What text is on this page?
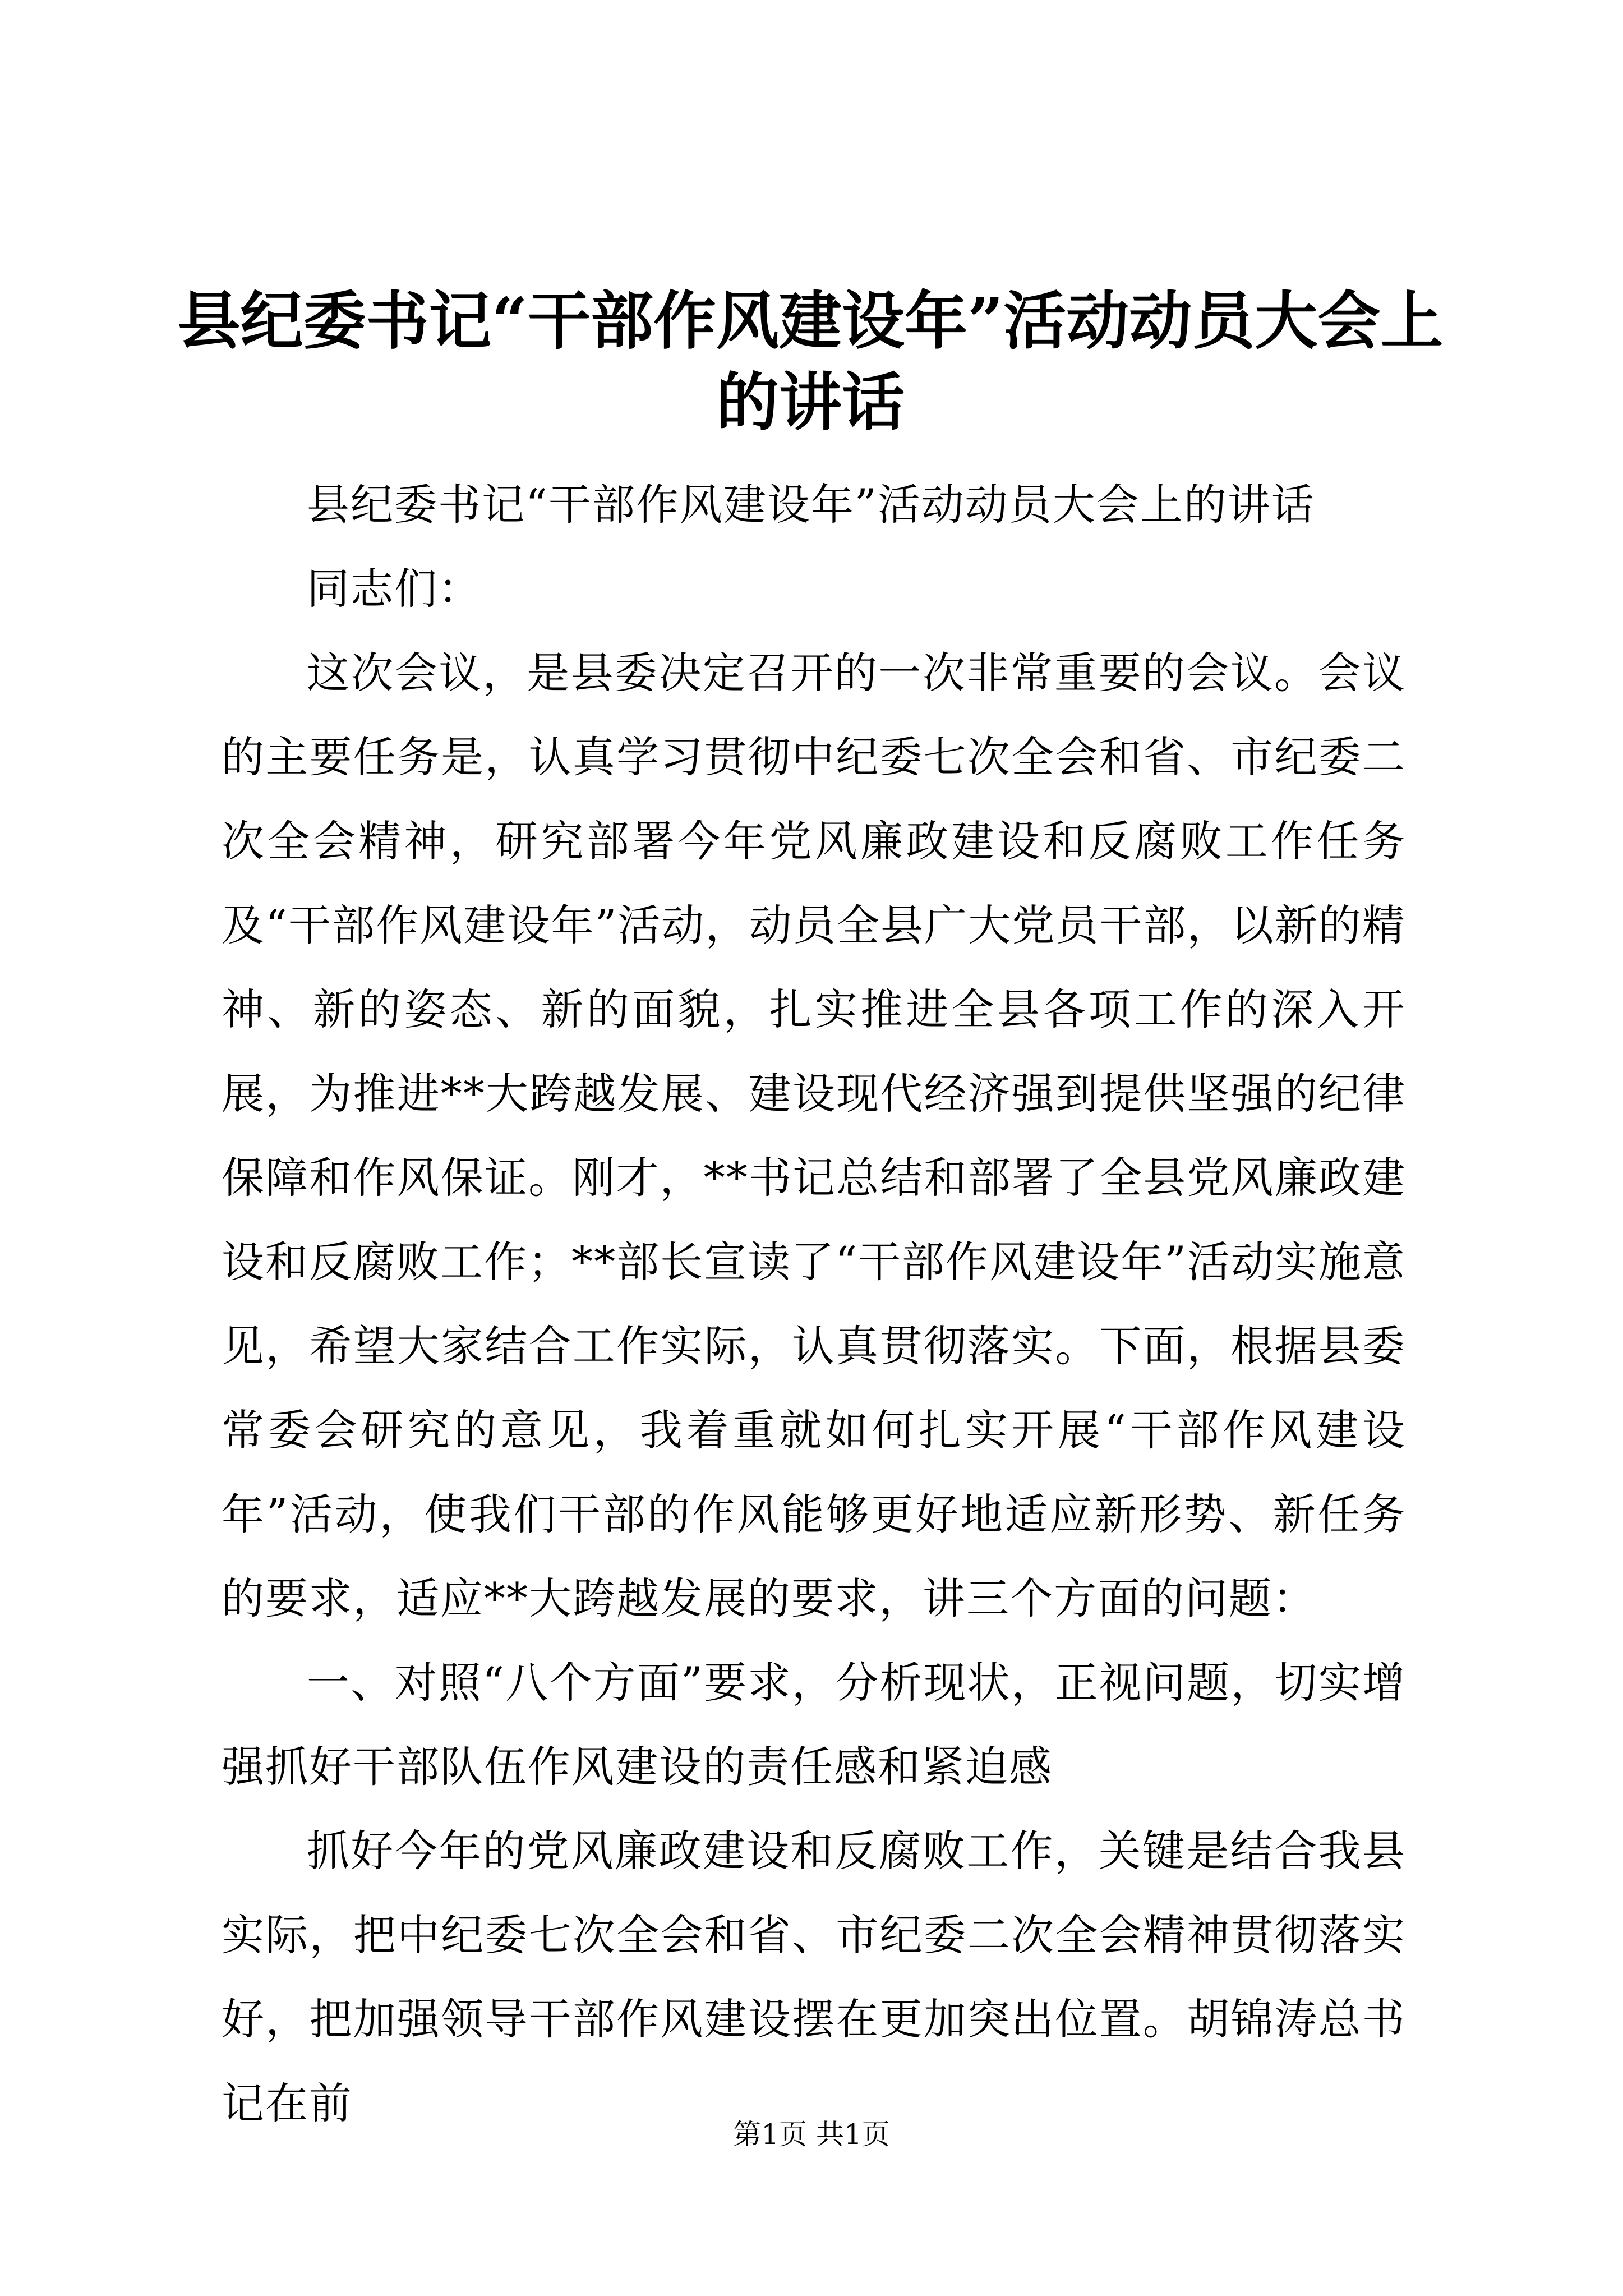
县纪委书记“干部作风建设年”活动动员大会上的讲话

县纪委书记“干部作风建设年”活动动员大会上的讲话

同志们：

这次会议，是县委决定召开的一次非常重要的会议。会议的主要任务是，认真学习贯彻中纪委七次全会和省、市纪委二次全会精神，研究部署今年党风廉政建设和反腐败工作任务及“干部作风建设年”活动，动员全县广大党员干部，以新的精神、新的姿态、新的面貌，扎实推进全县各项工作的深入开展，为推进**大跨越发展、建设现代经济强到提供坚强的纪律保障和作风保证。刚才，**书记总结和部署了全县党风廉政建设和反腐败工作；**部长宣读了“干部作风建设年”活动实施意见，希望大家结合工作实际，认真贯彻落实。下面，根据县委常委会研究的意见，我着重就如何扎实开展“干部作风建设年”活动，使我们干部的作风能够更好地适应新形势、新任务的要求，适应**大跨越发展的要求，讲三个方面的问题：

一、对照“八个方面”要求，分析现状，正视问题，切实增强抓好干部队伍作风建设的责任感和紧迫感

抓好今年的党风廉政建设和反腐败工作，关键是结合我县实际，把中纪委七次全会和省、市纪委二次全会精神贯彻落实好，把加强领导干部作风建设摆在更加突出位置。胡锦涛总书记在前

第1页 共1页
